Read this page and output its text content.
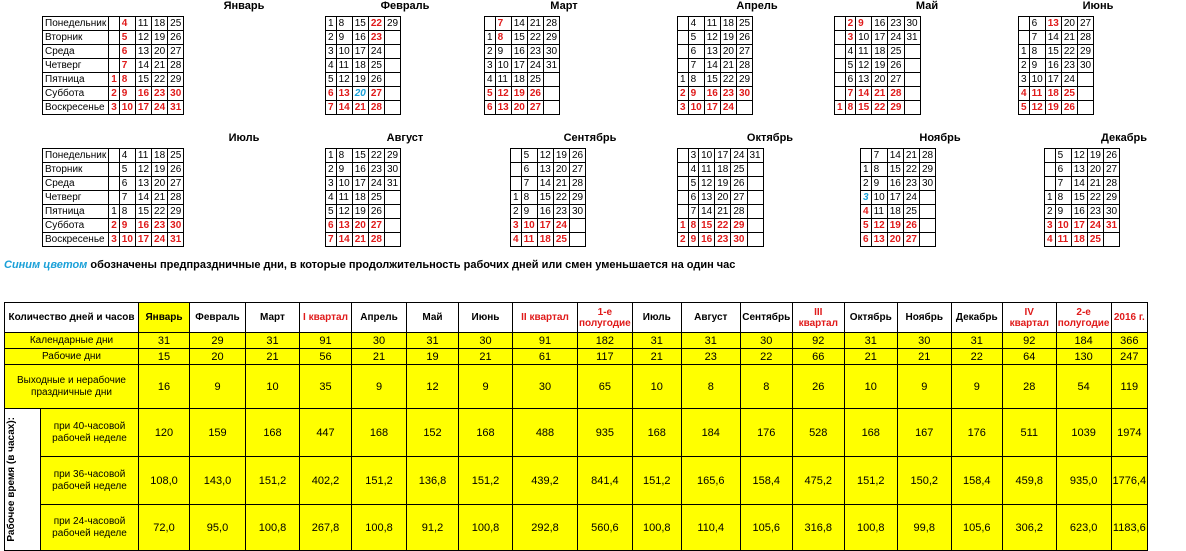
Январь
Понедельник		4	11	18	25
Вторник		5	12	19	26
Среда		6	13	20	27
Четверг		7	14	21	28
Пятница	1	8	15	22	29
Суббота	2	9	16	23	30
Воскресенье	3	10	17	24	31
Февраль
1	8	15	22	29
2	9	16	23	
3	10	17	24	
4	11	18	25	
5	12	19	26	
6	13	20	27	
7	14	21	28	
Март
	7	14	21	28
1	8	15	22	29
2	9	16	23	30
3	10	17	24	31
4	11	18	25	
5	12	19	26	
6	13	20	27	
Апрель
	4	11	18	25
	5	12	19	26
	6	13	20	27
	7	14	21	28
1	8	15	22	29
2	9	16	23	30
3	10	17	24	
Май
	2	9	16	23	30
	3	10	17	24	31
	4	11	18	25	
	5	12	19	26	
	6	13	20	27	
	7	14	21	28	
1	8	15	22	29	
Июнь
	6	13	20	27
	7	14	21	28
1	8	15	22	29
2	9	16	23	30
3	10	17	24	
4	11	18	25	
5	12	19	26	
Июль
Понедельник		4	11	18	25
Вторник		5	12	19	26
Среда		6	13	20	27
Четверг		7	14	21	28
Пятница	1	8	15	22	29
Суббота	2	9	16	23	30
Воскресенье	3	10	17	24	31
Август
1	8	15	22	29
2	9	16	23	30
3	10	17	24	31
4	11	18	25	
5	12	19	26	
6	13	20	27	
7	14	21	28	
Сентябрь
	5	12	19	26
	6	13	20	27
	7	14	21	28
1	8	15	22	29
2	9	16	23	30
3	10	17	24	
4	11	18	25	
Октябрь
	3	10	17	24	31
	4	11	18	25	
	5	12	19	26	
	6	13	20	27	
	7	14	21	28	
1	8	15	22	29	
2	9	16	23	30	
Ноябрь
	7	14	21	28
1	8	15	22	29
2	9	16	23	30
3	10	17	24	
4	11	18	25	
5	12	19	26	
6	13	20	27	
Декабрь
	5	12	19	26
	6	13	20	27
	7	14	21	28
1	8	15	22	29
2	9	16	23	30
3	10	17	24	31
4	11	18	25	
Синим цветом обозначены предпраздничные дни, в которые продолжительность рабочих дней или смен уменьшается на один час
Количество дней и часов		Январь	Февраль	Март	I квартал	Апрель	Май	Июнь	II квартал	1-е полугодие	Июль	Август	Сентябрь	III квартал	Октябрь	Ноябрь	Декабрь	IV квартал	2-е полугодие	2016 г.
Календарные дни		31	29	31	91	30	31	30	91	182	31	31	30	92	31	30	31	92	184	366
Рабочие дни		15	20	21	56	21	19	21	61	117	21	23	22	66	21	21	22	64	130	247
Выходные и нерабочие праздничные дни		16	9	10	35	9	12	9	30	65	10	8	8	26	10	9	9	28	54	119

Рабочее время (в часах):	при 40-часовой рабочей неделе	120	159	168	447	168	152	168	488	935	168	184	176	528	168	167	176	511	1039	1974
	при 36-часовой рабочей неделе	108,0	143,0	151,2	402,2	151,2	136,8	151,2	439,2	841,4	151,2	165,6	158,4	475,2	151,2	150,2	158,4	459,8	935,0	1776,4
	при 24-часовой рабочей неделе	72,0	95,0	100,8	267,8	100,8	91,2	100,8	292,8	560,6	100,8	110,4	105,6	316,8	100,8	99,8	105,6	306,2	623,0	1183,6
